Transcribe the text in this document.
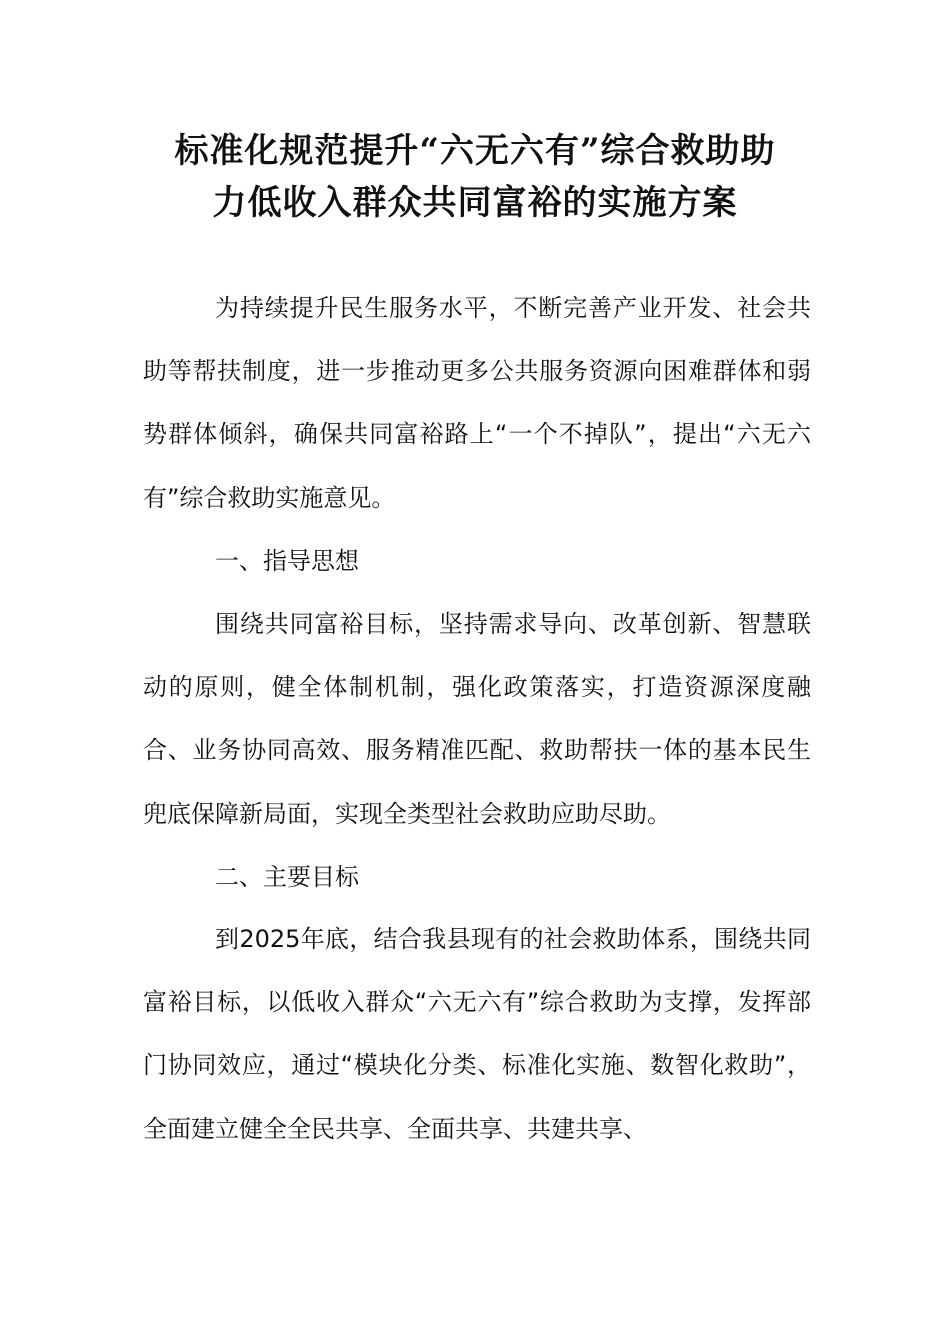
标准化规范提升“六无六有”综合救助助
力低收入群众共同富裕的实施方案
为持续提升民生服务水平，不断完善产业开发、社会共助等帮扶制度，进一步推动更多公共服务资源向困难群体和弱势群体倾斜，确保共同富裕路上“一个不掉队”，提出“六无六有”综合救助实施意见。
一、指导思想
围绕共同富裕目标，坚持需求导向、改革创新、智慧联动的原则，健全体制机制，强化政策落实，打造资源深度融合、业务协同高效、服务精准匹配、救助帮扶一体的基本民生兜底保障新局面，实现全类型社会救助应助尽助。
二、主要目标
到2025年底，结合我县现有的社会救助体系，围绕共同富裕目标，以低收入群众“六无六有”综合救助为支撑，发挥部门协同效应，通过“模块化分类、标准化实施、数智化救助”，全面建立健全全民共享、全面共享、共建共享、
